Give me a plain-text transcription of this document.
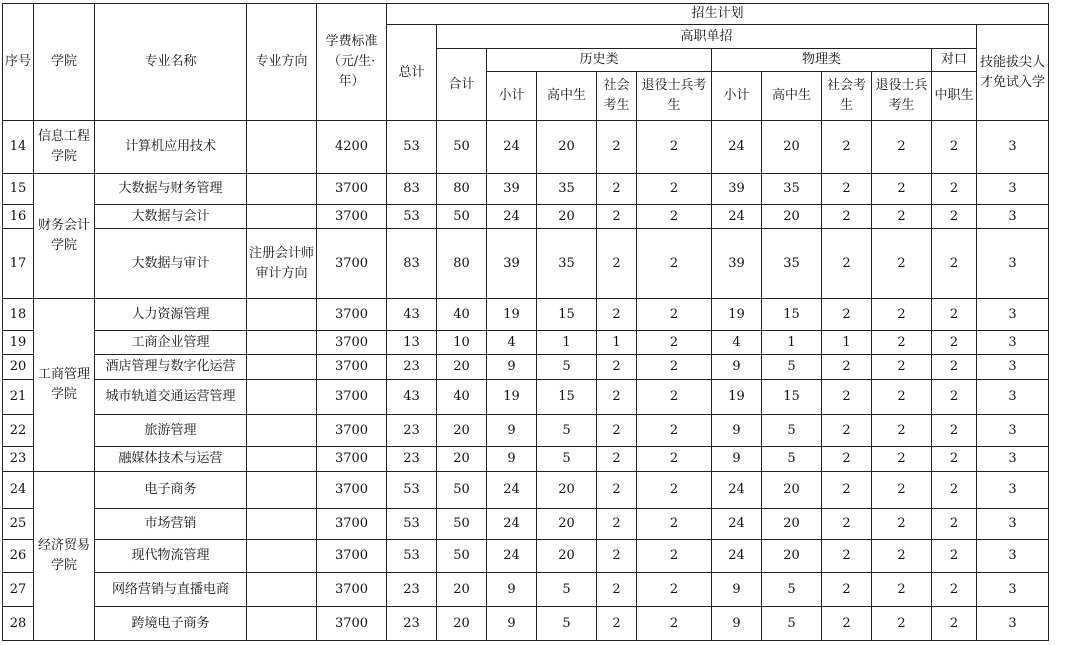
序号	学院	专业名称	专业方向	学费标准（元/生·年）	招生计划											
					总计	高职单招										技能拔尖人才免试入学
						合计	历史类				物理类				对口	
							小计	高中生	社会考生	退役士兵考生	小计	高中生	社会考生	退役士兵考生	中职生	
14	信息工程学院	计算机应用技术		4200	53	50	24	20	2	2	24	20	2	2	2	3
15	财务会计学院	大数据与财务管理		3700	83	80	39	35	2	2	39	35	2	2	2	3
16		大数据与会计		3700	53	50	24	20	2	2	24	20	2	2	2	3
17		大数据与审计	注册会计师审计方向	3700	83	80	39	35	2	2	39	35	2	2	2	3
18	工商管理学院	人力资源管理		3700	43	40	19	15	2	2	19	15	2	2	2	3
19		工商企业管理		3700	13	10	4	1	1	2	4	1	1	2	2	3
20		酒店管理与数字化运营		3700	23	20	9	5	2	2	9	5	2	2	2	3
21		城市轨道交通运营管理		3700	43	40	19	15	2	2	19	15	2	2	2	3
22		旅游管理		3700	23	20	9	5	2	2	9	5	2	2	2	3
23		融媒体技术与运营		3700	23	20	9	5	2	2	9	5	2	2	2	3
24	经济贸易学院	电子商务		3700	53	50	24	20	2	2	24	20	2	2	2	3
25		市场营销		3700	53	50	24	20	2	2	24	20	2	2	2	3
26		现代物流管理		3700	53	50	24	20	2	2	24	20	2	2	2	3
27		网络营销与直播电商		3700	23	20	9	5	2	2	9	5	2	2	2	3
28		跨境电子商务		3700	23	20	9	5	2	2	9	5	2	2	2	3
